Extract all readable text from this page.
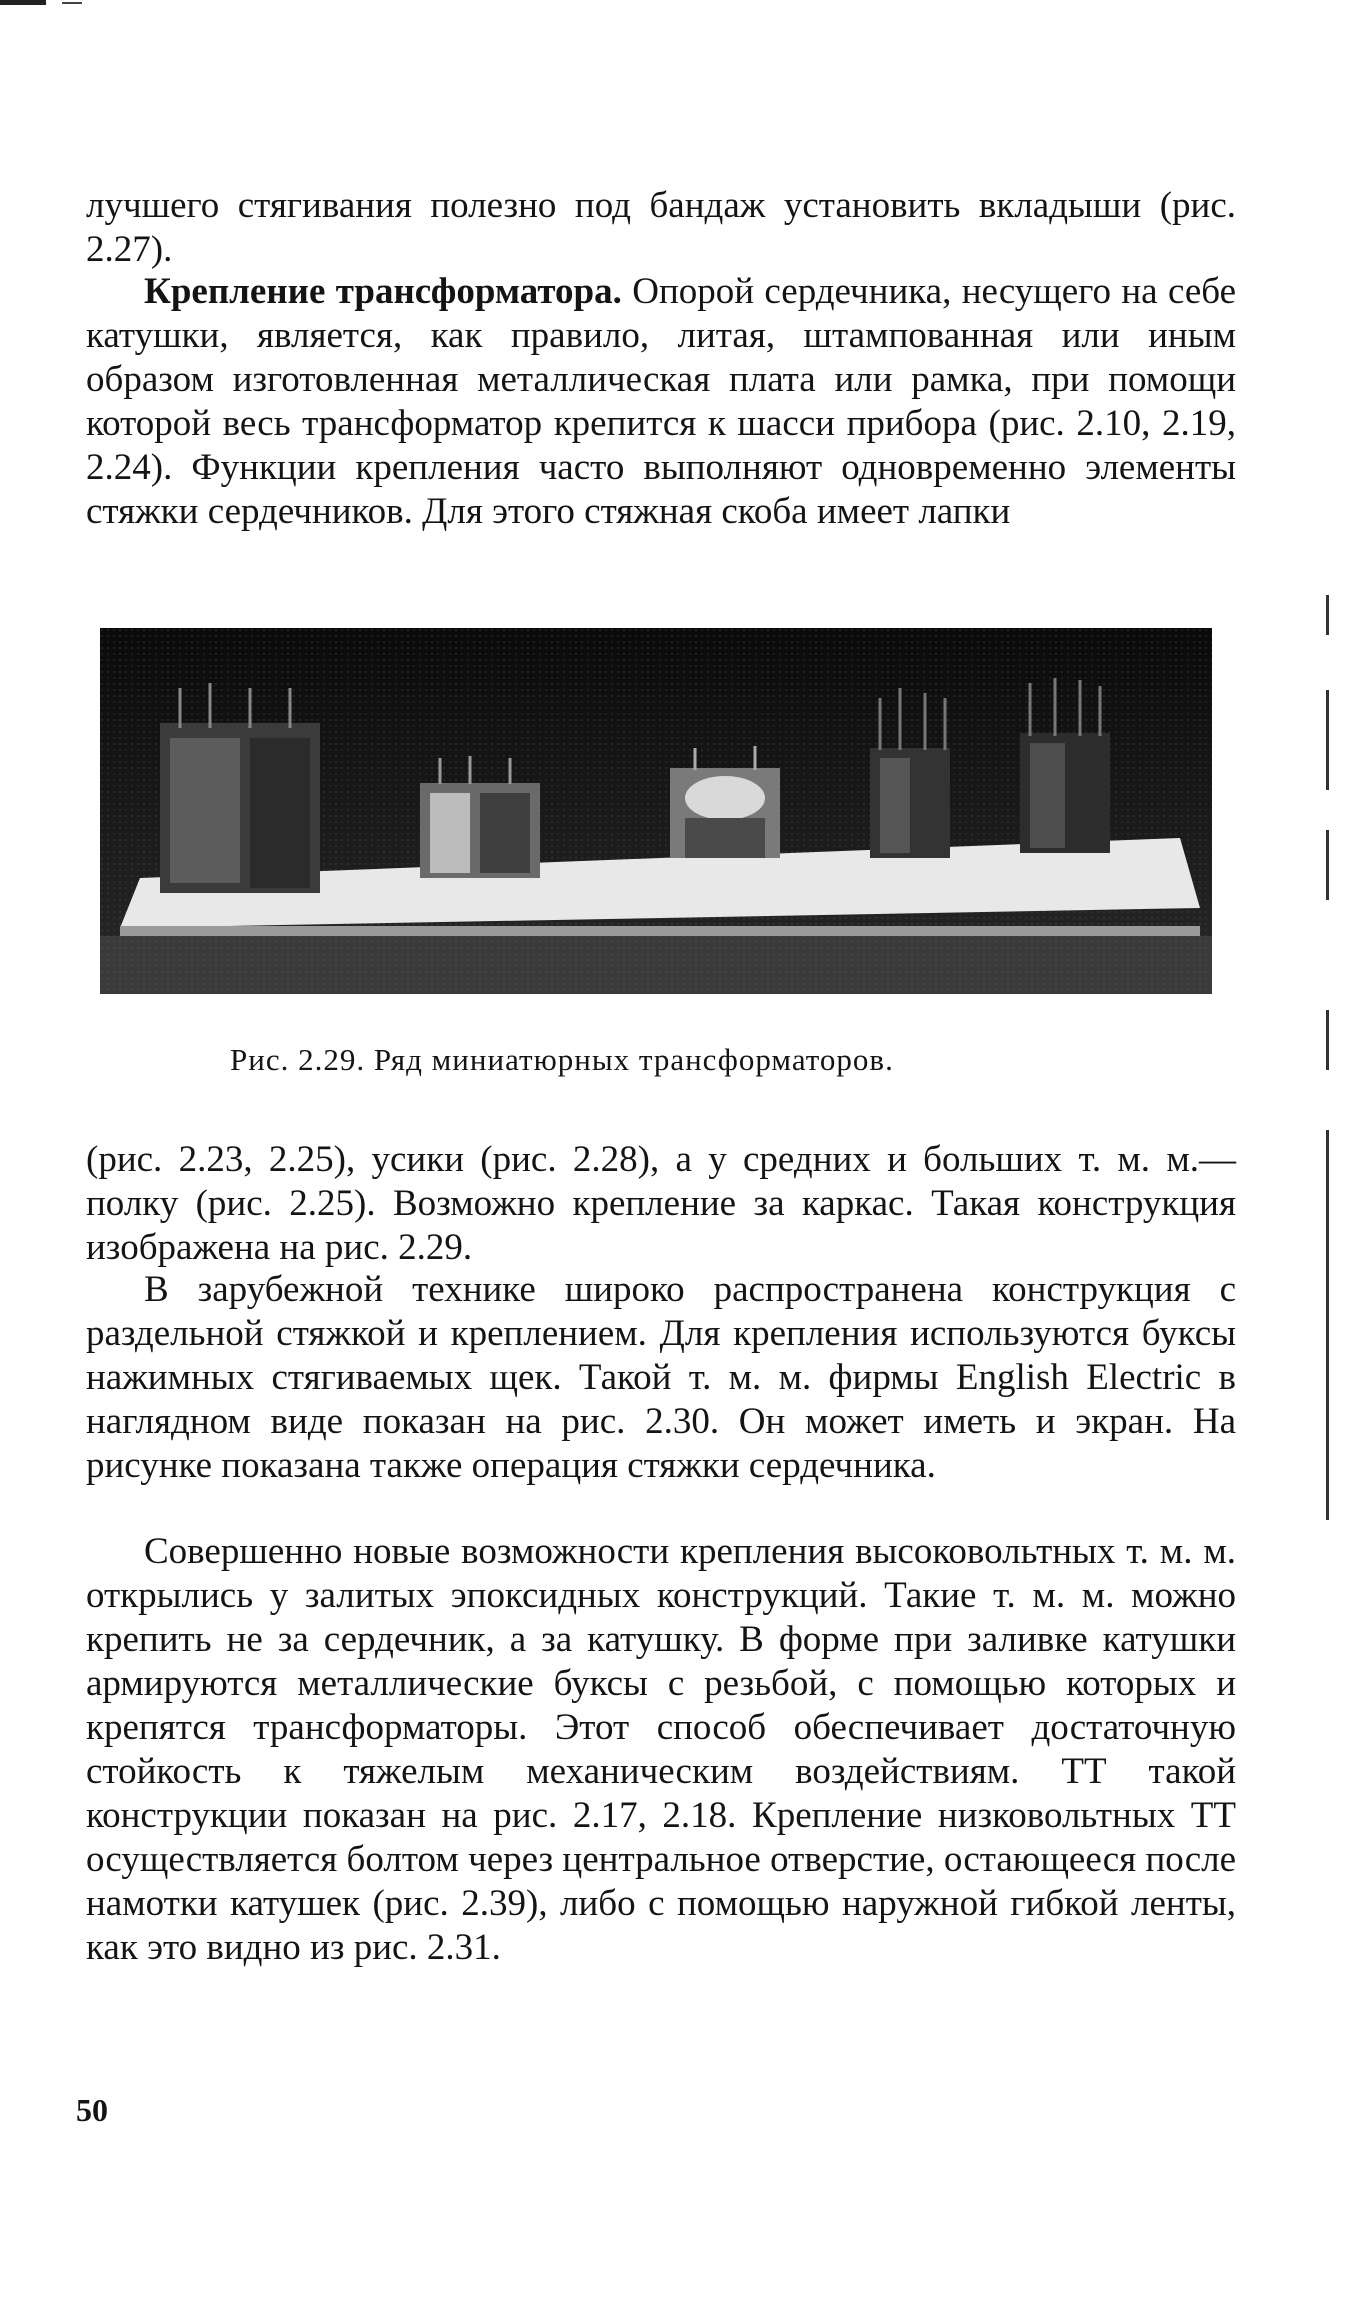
лучшего стягивания полезно под бандаж установить вкладыши (рис. 2.27).

Крепление трансформатора. Опорой сердечника, несущего на себе катушки, является, как правило, литая, штампованная или иным образом изготовленная металлическая плата или рамка, при помощи которой весь трансформатор крепится к шасси прибора (рис. 2.10, 2.19, 2.24). Функции крепления часто выполняют одновременно элементы стяжки сердечников. Для этого стяжная скоба имеет лапки

Рис. 2.29. Ряд миниатюрных трансформаторов.

(рис. 2.23, 2.25), усики (рис. 2.28), а у средних и больших т. м. м.— полку (рис. 2.25). Возможно крепление за каркас. Такая конструкция изображена на рис. 2.29.

В зарубежной технике широко распространена конструкция с раздельной стяжкой и креплением. Для крепления используются буксы нажимных стягиваемых щек. Такой т. м. м. фирмы English Electric в наглядном виде показан на рис. 2.30. Он может иметь и экран. На рисунке показана также операция стяжки сердечника.

Совершенно новые возможности крепления высоковольтных т. м. м. открылись у залитых эпоксидных конструкций. Такие т. м. м. можно крепить не за сердечник, а за катушку. В форме при заливке катушки армируются металлические буксы с резьбой, с помощью которых и крепятся трансформаторы. Этот способ обеспечивает достаточную стойкость к тяжелым механическим воздействиям. ТТ такой конструкции показан на рис. 2.17, 2.18. Крепление низковольтных ТТ осуществляется болтом через центральное отверстие, остающееся после намотки катушек (рис. 2.39), либо с помощью наружной гибкой ленты, как это видно из рис. 2.31.

50
